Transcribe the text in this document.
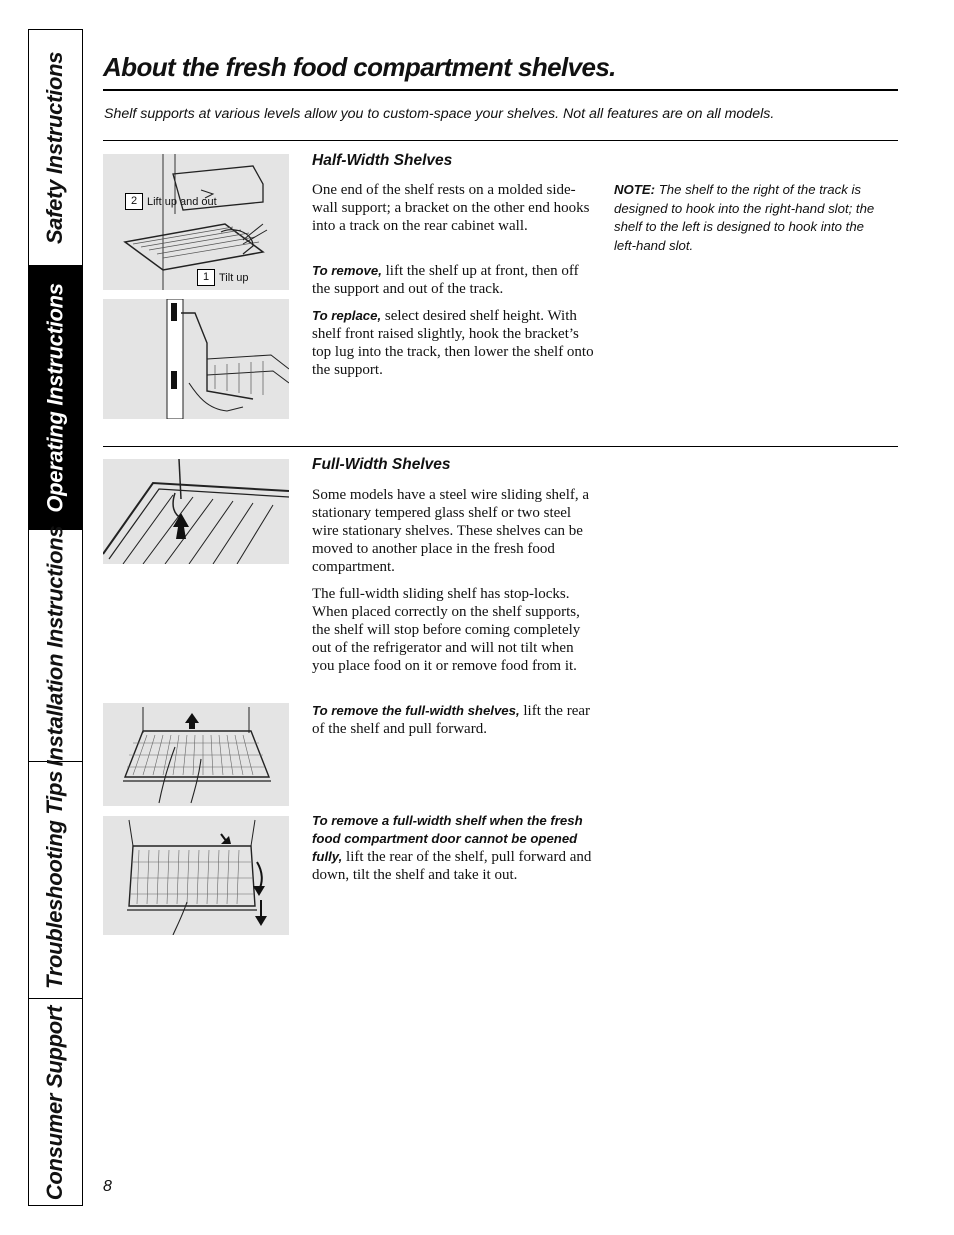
Safety Instructions
Operating Instructions
Installation Instructions
Troubleshooting Tips
Consumer Support
About the fresh food compartment shelves.
Shelf supports at various levels allow you to custom-space your shelves. Not all features are on all models.
2 Lift up and out
1 Tilt up
Half-Width Shelves

One end of the shelf rests on a molded side-wall support; a bracket on the other end hooks into a track on the rear cabinet wall.

To remove, lift the shelf up at front, then off the support and out of the track.

To replace, select desired shelf height. With shelf front raised slightly, hook the bracket’s top lug into the track, then lower the shelf onto the support.

NOTE: The shelf to the right of the track is designed to hook into the right-hand slot; the shelf to the left is designed to hook into the left-hand slot.

Full-Width Shelves

Some models have a steel wire sliding shelf, a stationary tempered glass shelf or two steel wire stationary shelves. These shelves can be moved to another place in the fresh food compartment.

The full-width sliding shelf has stop-locks. When placed correctly on the shelf supports, the shelf will stop before coming completely out of the refrigerator and will not tilt when you place food on it or remove food from it.

To remove the full-width shelves, lift the rear of the shelf and pull forward.

To remove a full-width shelf when the fresh food compartment door cannot be opened fully, lift the rear of the shelf, pull forward and down, tilt the shelf and take it out.

8
